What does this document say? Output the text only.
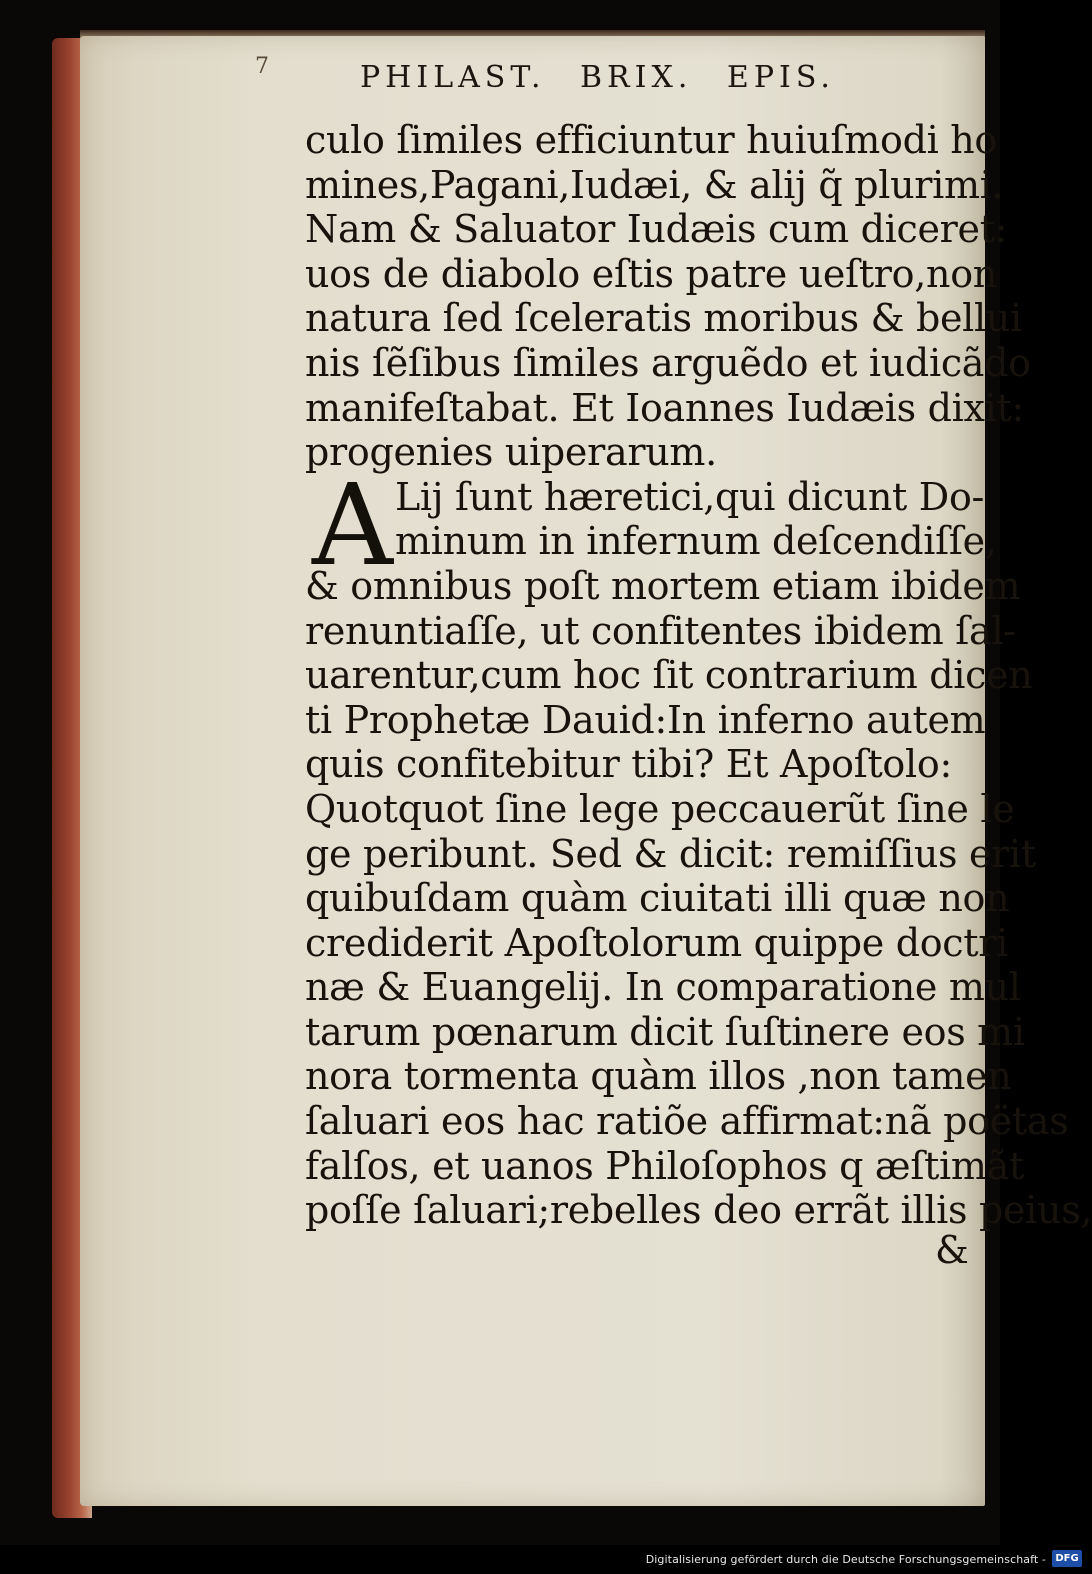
7	PHILAST. BRIX. EPIS.
culo ſimiles efficiuntur huiuſmodi ho
mines,Pagani,Iudæi, & alij q̃ plurimi.
Nam & Saluator Iudæis cum diceret:
uos de diabolo eſtis patre ueſtro,non
natura ſed ſceleratis moribus & bellui
nis ſẽſibus ſimiles arguẽdo et iudicãdo
manifeſtabat. Et Ioannes Iudæis dixit:
progenies uiperarum.
Lij ſunt hæretici,qui dicunt Do-
minum in infernum deſcendiſſe,
& omnibus poſt mortem etiam ibidem
renuntiaſſe, ut confitentes ibidem ſal-
uarentur,cum hoc ſit contrarium dicen
ti Prophetæ Dauid:In inferno autem
quis confitebitur tibi? Et Apoſtolo:
Quotquot ſine lege peccauerũt ſine le
ge peribunt. Sed & dicit: remiſſius erit
quibuſdam quàm ciuitati illi quæ non
crediderit Apoſtolorum quippe doctri
næ & Euangelij. In comparatione mul
tarum pœnarum dicit ſuſtinere eos mi
nora tormenta quàm illos ,non tamen
ſaluari eos hac ratiõe affirmat:nã poëtas
falſos, et uanos Philoſophos q æſtimãt
poſſe ſaluari;rebelles deo errãt illis peius,
A
&
Digitalisierung gefördert durch die Deutsche Forschungsgemeinschaft - DFG
